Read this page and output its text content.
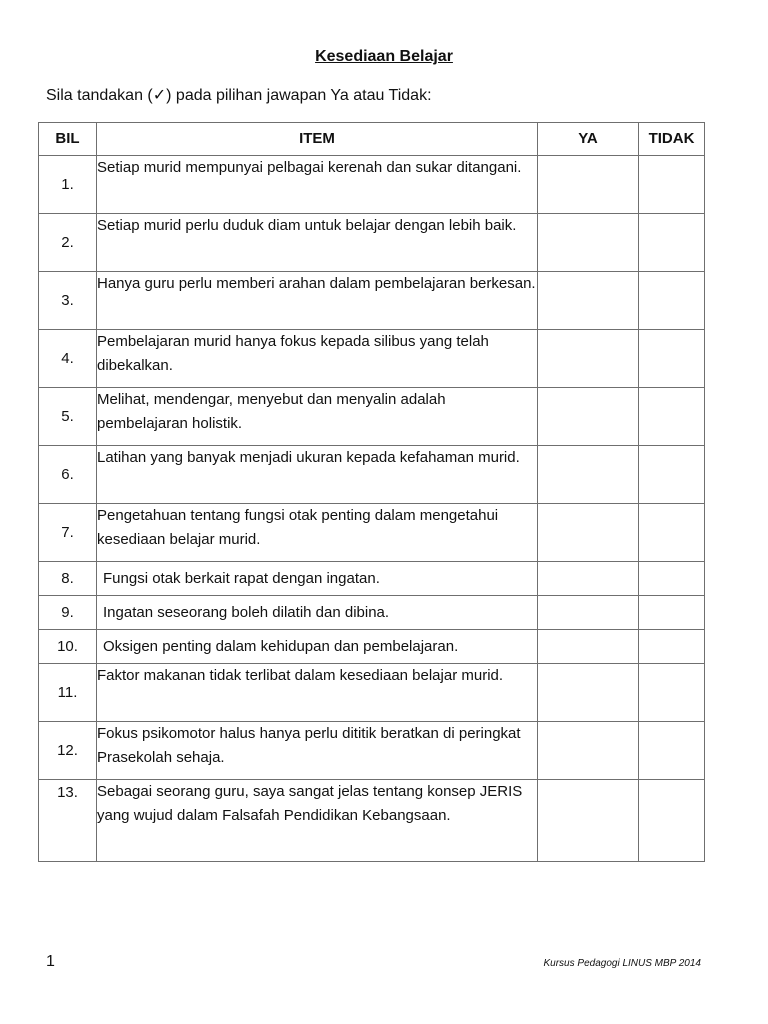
Kesediaan Belajar

Sila tandakan (✓) pada pilihan jawapan Ya atau Tidak:

BIL	ITEM	YA	TIDAK
1.	Setiap murid mempunyai pelbagai kerenah dan sukar ditangani.		
2.	Setiap murid perlu duduk diam untuk belajar dengan lebih baik.		
3.	Hanya guru perlu memberi arahan dalam pembelajaran berkesan.		
4.	Pembelajaran murid hanya fokus kepada silibus yang telah dibekalkan.		
5.	Melihat, mendengar, menyebut dan menyalin adalah pembelajaran holistik.		
6.	Latihan yang banyak menjadi ukuran kepada kefahaman murid.		
7.	Pengetahuan tentang fungsi otak penting dalam mengetahui kesediaan belajar murid.		
8.	Fungsi otak berkait rapat dengan ingatan.		
9.	Ingatan seseorang boleh dilatih dan dibina.		
10.	Oksigen penting dalam kehidupan dan pembelajaran.		
11.	Faktor makanan tidak terlibat dalam kesediaan belajar murid.		
12.	Fokus psikomotor halus hanya perlu dititik beratkan di peringkat Prasekolah sehaja.		
13.	Sebagai seorang guru, saya sangat jelas tentang konsep JERIS yang wujud dalam Falsafah Pendidikan Kebangsaan.		

1	Kursus Pedagogi LINUS MBP 2014
